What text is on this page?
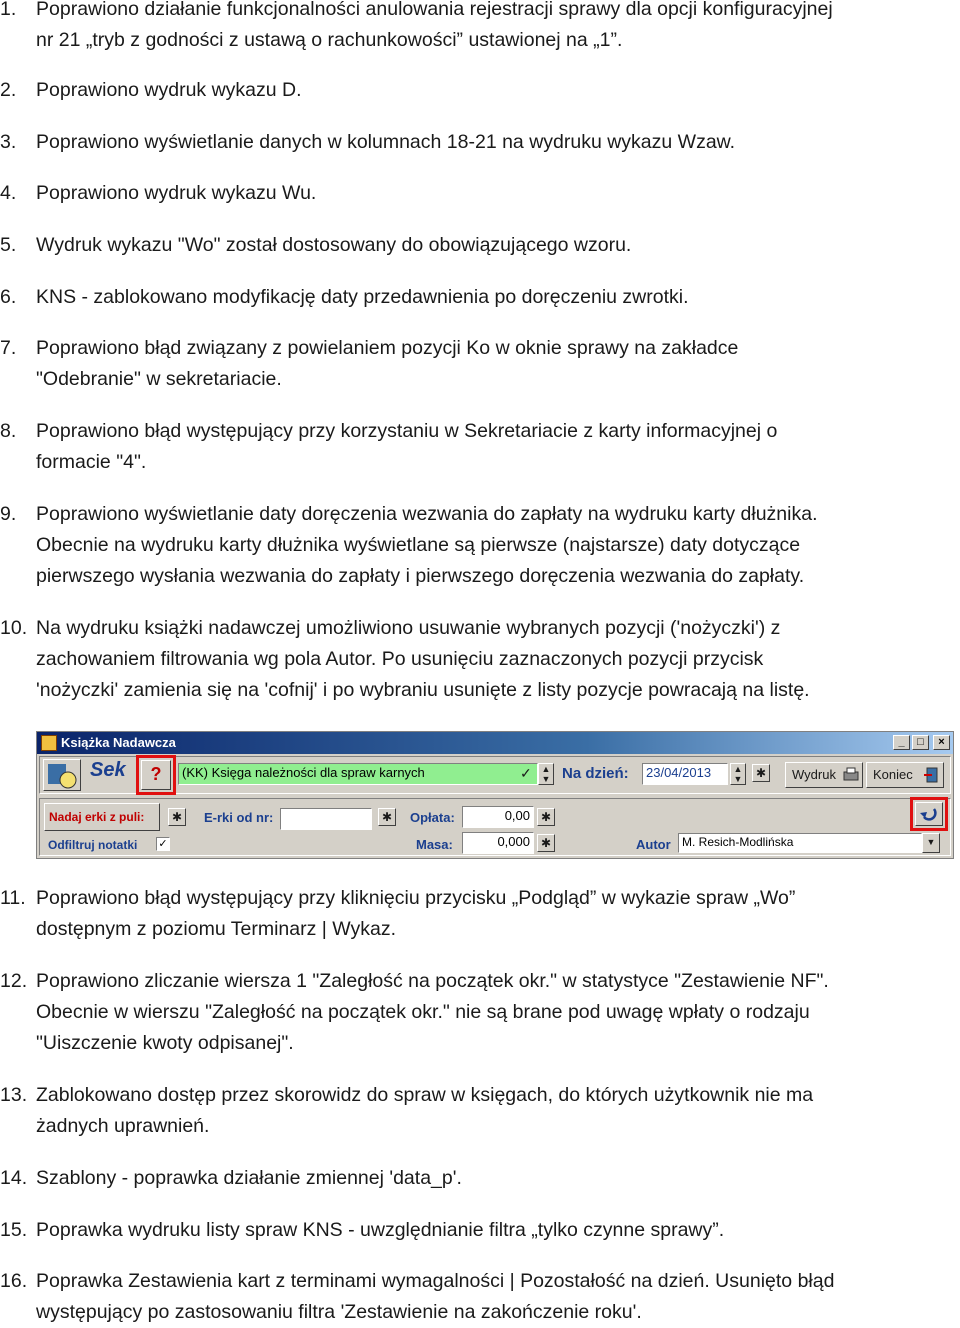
1.	Poprawiono działanie funkcjonalności anulowania rejestracji sprawy dla opcji konfiguracyjnej
nr 21 „tryb z godności z ustawą o rachunkowości” ustawionej na „1”.
2.	Poprawiono wydruk wykazu D.
3.	Poprawiono wyświetlanie danych w kolumnach 18-21 na wydruku wykazu Wzaw.
4.	Poprawiono wydruk wykazu Wu.
5.	Wydruk wykazu "Wo" został dostosowany do obowiązującego wzoru.
6.	KNS - zablokowano modyfikację daty przedawnienia po doręczeniu zwrotki.
7.	Poprawiono błąd związany z powielaniem pozycji Ko w oknie sprawy na zakładce
"Odebranie" w sekretariacie.
8.	Poprawiono błąd występujący przy korzystaniu w Sekretariacie z karty informacyjnej o
formacie "4".
9.	Poprawiono wyświetlanie daty doręczenia wezwania do zapłaty na wydruku karty dłużnika.
Obecnie na wydruku karty dłużnika wyświetlane są pierwsze (najstarsze) daty dotyczące
pierwszego wysłania wezwania do zapłaty i pierwszego doręczenia wezwania do zapłaty.
10. Na wydruku książki nadawczej umożliwiono usuwanie wybranych pozycji ('nożyczki') z
zachowaniem filtrowania wg pola Autor. Po usunięciu zaznaczonych pozycji przycisk
'nożyczki' zamienia się na 'cofnij' i po wybraniu usunięte z listy pozycje powracają na listę.
11. Poprawiono błąd występujący przy kliknięciu przycisku „Podgląd” w wykazie spraw „Wo”
dostępnym z poziomu Terminarz | Wykaz.
12. Poprawiono zliczanie wiersza 1 "Zaległość na początek okr." w statystyce "Zestawienie NF".
Obecnie w wierszu "Zaległość na początek okr." nie są brane pod uwagę wpłaty o rodzaju
"Uiszczenie kwoty odpisanej".
13. Zablokowano dostęp przez skorowidz do spraw w księgach, do których użytkownik nie ma
żadnych uprawnień.
14. Szablony - poprawka działanie zmiennej 'data_p'.
15. Poprawka wydruku listy spraw KNS - uwzględnianie filtra „tylko czynne sprawy”.
16. Poprawka Zestawienia kart z terminami wymagalności | Pozostałość na dzień. Usunięto błąd
występujący po zastosowaniu filtra 'Zestawienie na zakończenie roku'.
Książka Nadawcza	_	□	×
Sek	?	(KK) Księga należności dla spraw karnych	✓	▲
▼ Na dzień:	23/04/2013	▲
▼	✱	Wydruk	Koniec
Nadaj erki z puli:	✱	E-rki od nr:	✱	Opłata:	0,00 ✱
Masa:	0,000 ✱
Odfiltruj notatki ✓	Autor M. Resich-Modlińska	▼
